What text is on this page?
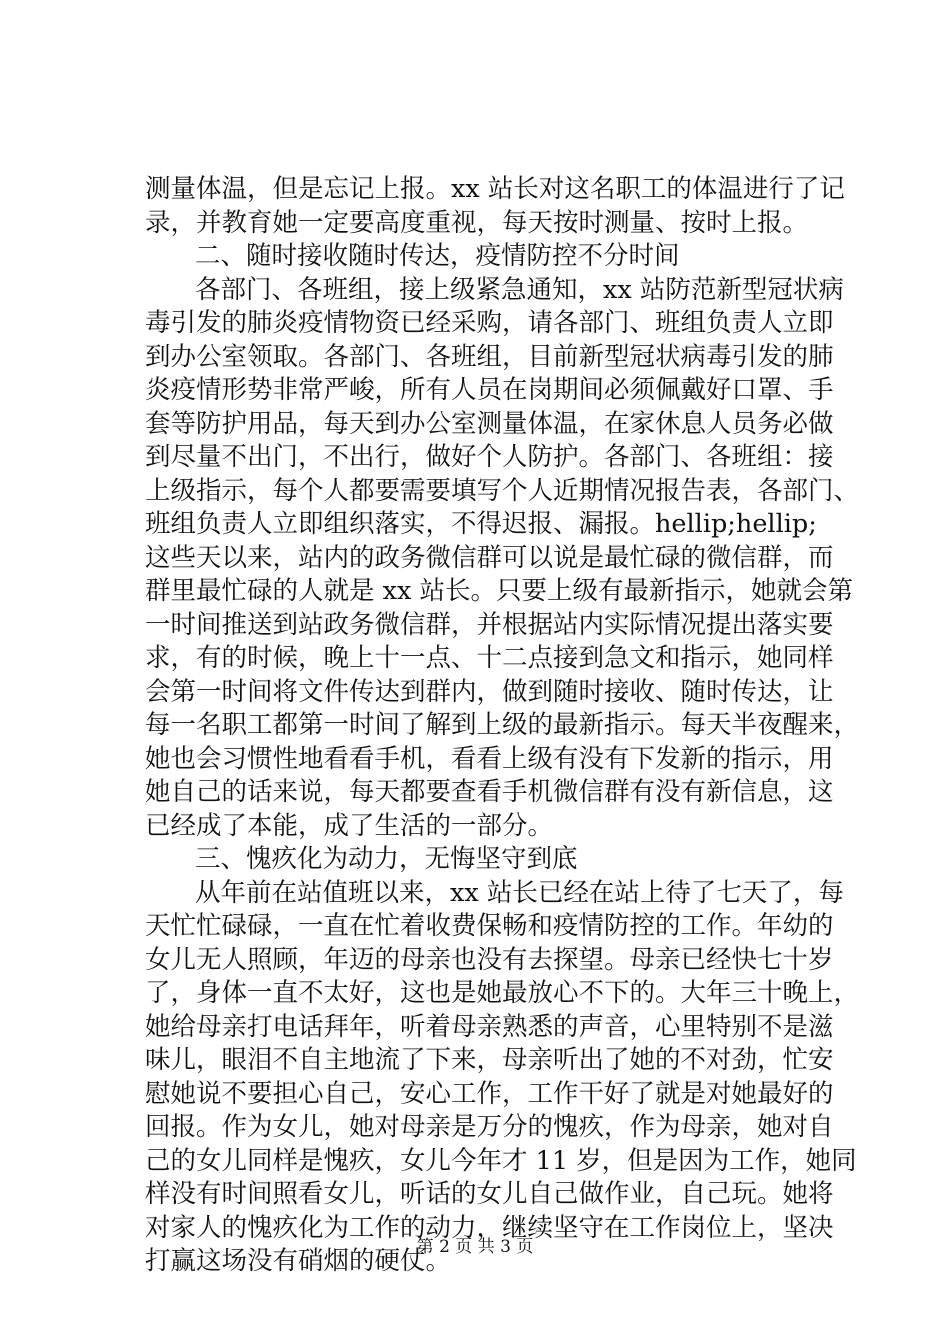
测量体温，但是忘记上报。xx 站长对这名职工的体温进行了记
录，并教育她一定要高度重视，每天按时测量、按时上报。
二、随时接收随时传达，疫情防控不分时间
各部门、各班组，接上级紧急通知，xx 站防范新型冠状病
毒引发的肺炎疫情物资已经采购，请各部门、班组负责人立即
到办公室领取。各部门、各班组，目前新型冠状病毒引发的肺
炎疫情形势非常严峻，所有人员在岗期间必须佩戴好口罩、手
套等防护用品，每天到办公室测量体温，在家休息人员务必做
到尽量不出门，不出行，做好个人防护。各部门、各班组：接
上级指示，每个人都要需要填写个人近期情况报告表，各部门、
班组负责人立即组织落实，不得迟报、漏报。hellip;hellip;
这些天以来，站内的政务微信群可以说是最忙碌的微信群，而
群里最忙碌的人就是 xx 站长。只要上级有最新指示，她就会第
一时间推送到站政务微信群，并根据站内实际情况提出落实要
求，有的时候，晚上十一点、十二点接到急文和指示，她同样
会第一时间将文件传达到群内，做到随时接收、随时传达，让
每一名职工都第一时间了解到上级的最新指示。每天半夜醒来，
她也会习惯性地看看手机，看看上级有没有下发新的指示，用
她自己的话来说，每天都要查看手机微信群有没有新信息，这
已经成了本能，成了生活的一部分。
三、愧疚化为动力，无悔坚守到底
从年前在站值班以来，xx 站长已经在站上待了七天了，每
天忙忙碌碌，一直在忙着收费保畅和疫情防控的工作。年幼的
女儿无人照顾，年迈的母亲也没有去探望。母亲已经快七十岁
了，身体一直不太好，这也是她最放心不下的。大年三十晚上，
她给母亲打电话拜年，听着母亲熟悉的声音，心里特别不是滋
味儿，眼泪不自主地流了下来，母亲听出了她的不对劲，忙安
慰她说不要担心自己，安心工作，工作干好了就是对她最好的
回报。作为女儿，她对母亲是万分的愧疚，作为母亲，她对自
己的女儿同样是愧疚，女儿今年才 11 岁，但是因为工作，她同
样没有时间照看女儿，听话的女儿自己做作业，自己玩。她将
对家人的愧疚化为工作的动力，继续坚守在工作岗位上，坚决
打赢这场没有硝烟的硬仗。
第 2 页 共 3 页
